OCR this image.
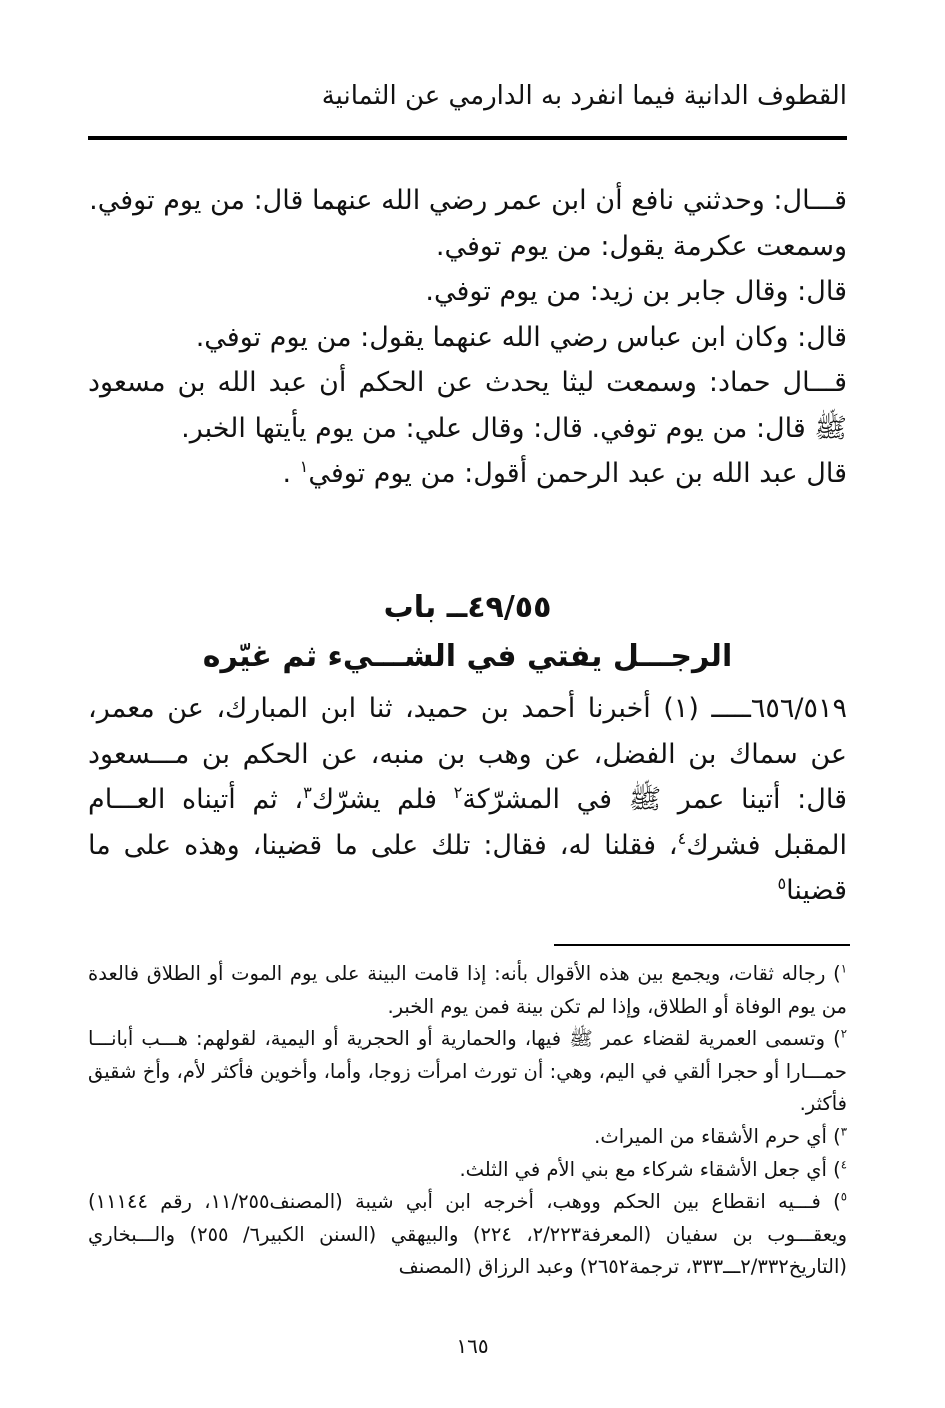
القطوف الدانية فيما انفرد به الدارمي عن الثمانية

قـــال: وحدثني نافع أن ابن عمر رضي الله عنهما قال: من يوم توفي.

وسمعت عكرمة يقول: من يوم توفي.

قال: وقال جابر بن زيد: من يوم توفي.

قال: وكان ابن عباس رضي الله عنهما يقول: من يوم توفي.

قـــال حماد: وسمعت ليثا يحدث عن الحكم أن عبد الله بن مسعود ﷺ قال: من يوم توفي. قال: وقال علي: من يوم يأيتها الخبر.

قال عبد الله بن عبد الرحمن أقول: من يوم توفي$^١$ .

٤٩/٥٥ــ باب
الرجـــل يفتي في الشـــيء ثم غيّره

٦٥٦/٥١٩ـــــ (١) أخبرنا أحمد بن حميد، ثنا ابن المبارك، عن معمر، عن سماك بن الفضل، عن وهب بن منبه، عن الحكم بن مـــسعود قال: أتينا عمر ﷺ في المشرّكة$^٢$ فلم يشرّك$^٣$، ثم أتيناه العـــام المقبل فشرك$^٤$، فقلنا له، فقال: تلك على ما قضينا، وهذه على ما قضينا$^٥$

$^١$) رجاله ثقات، ويجمع بين هذه الأقوال بأنه: إذا قامت البينة على يوم الموت أو الطلاق فالعدة من يوم الوفاة أو الطلاق، وإذا لم تكن بينة فمن يوم الخبر.

$^٢$) وتسمى العمرية لقضاء عمر ﷺ فيها، والحمارية أو الحجرية أو اليمية، لقولهم: هـــب أبانـــا حمـــارا أو حجرا ألقي في اليم، وهي: أن تورث امرأت زوجا، وأما، وأخوين فأكثر لأم، وأخ شقيق فأكثر.

$^٣$) أي حرم الأشقاء من الميراث.

$^٤$) أي جعل الأشقاء شركاء مع بني الأم في الثلث.

$^٥$) فـــيه انقطاع بين الحكم ووهب، أخرجه ابن أبي شيبة (المصنف١١/٢٥٥، رقم ١١١٤٤) ويعقـــوب بن سفيان (المعرفة٢/٢٢٣، ٢٢٤) والبيهقي (السنن الكبير٦/ ٢٥٥) والـــبخاري (التاريخ٢/٣٣٢ـــ٣٣٣، ترجمة٢٦٥٢) وعبد الرزاق (المصنف

١٦٥
